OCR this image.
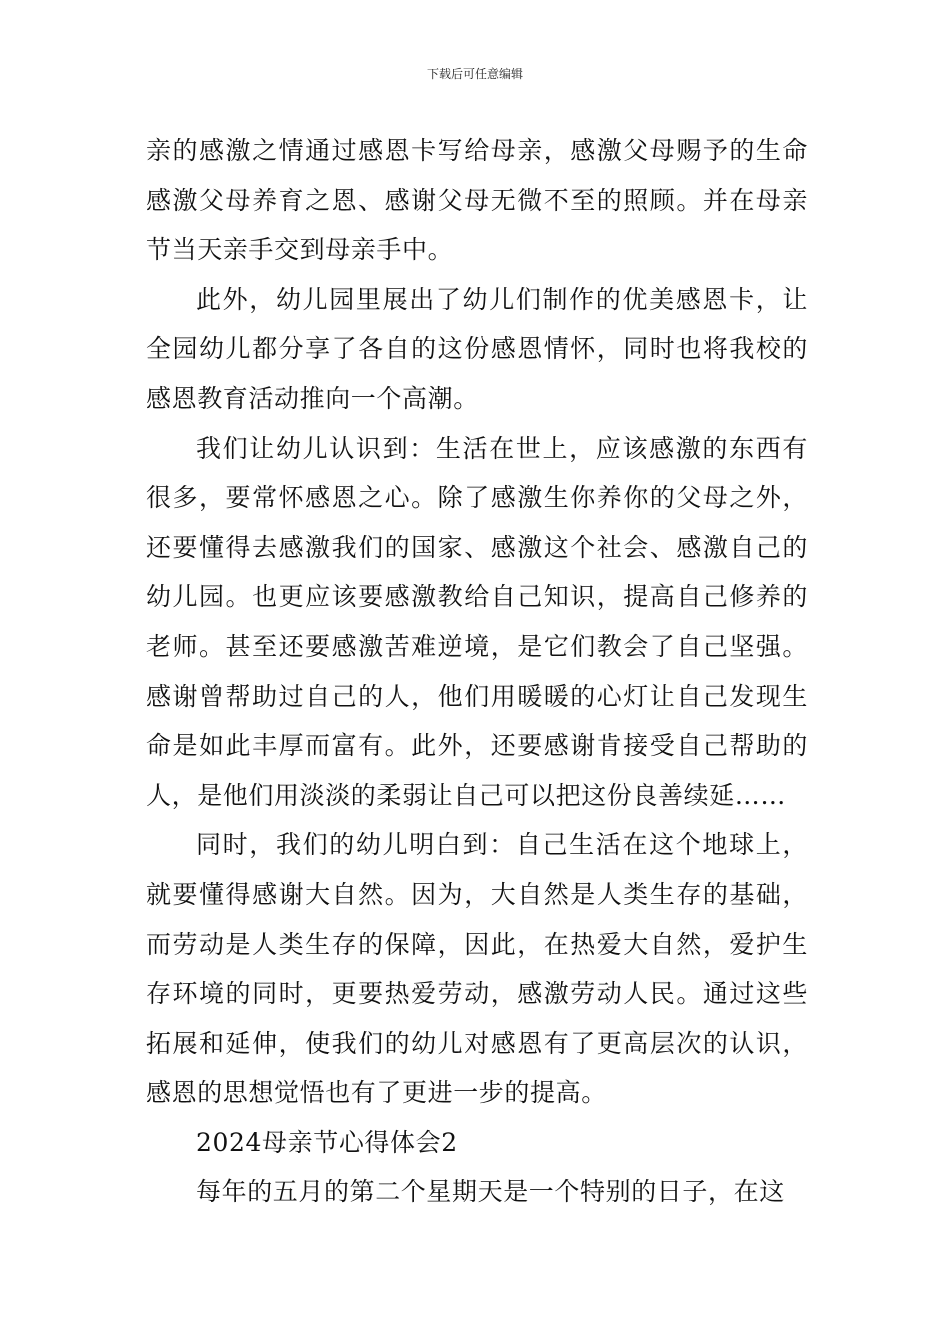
下载后可任意编辑

亲的感激之情通过感恩卡写给母亲，感激父母赐予的生命感激父母养育之恩、感谢父母无微不至的照顾。并在母亲节当天亲手交到母亲手中。

此外，幼儿园里展出了幼儿们制作的优美感恩卡，让全园幼儿都分享了各自的这份感恩情怀，同时也将我校的感恩教育活动推向一个高潮。

我们让幼儿认识到：生活在世上，应该感激的东西有很多，要常怀感恩之心。除了感激生你养你的父母之外，还要懂得去感激我们的国家、感激这个社会、感激自己的幼儿园。也更应该要感激教给自己知识，提高自己修养的老师。甚至还要感激苦难逆境，是它们教会了自己坚强。感谢曾帮助过自己的人，他们用暖暖的心灯让自己发现生命是如此丰厚而富有。此外，还要感谢肯接受自己帮助的人，是他们用淡淡的柔弱让自己可以把这份良善续延……

同时，我们的幼儿明白到：自己生活在这个地球上，就要懂得感谢大自然。因为，大自然是人类生存的基础，而劳动是人类生存的保障，因此，在热爱大自然，爱护生存环境的同时，更要热爱劳动，感激劳动人民。通过这些拓展和延伸，使我们的幼儿对感恩有了更高层次的认识，感恩的思想觉悟也有了更进一步的提高。

2024母亲节心得体会2

每年的五月的第二个星期天是一个特别的日子，在这
